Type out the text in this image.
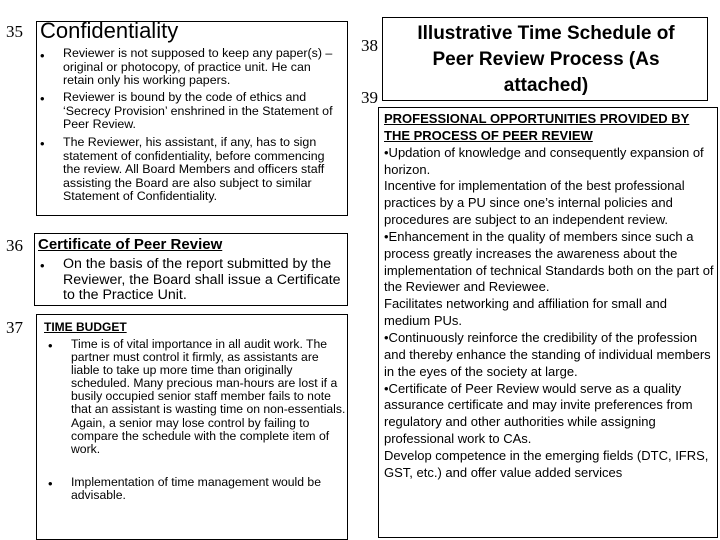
35 Confidentiality
• Reviewer is not supposed to keep any paper(s) – original or photocopy, of practice unit. He can retain only his working papers.
• Reviewer is bound by the code of ethics and ‘Secrecy Provision’ enshrined in the Statement of Peer Review.
• The Reviewer, his assistant, if any, has to sign statement of confidentiality, before commencing the review. All Board Members and officers staff assisting the Board are also subject to similar Statement of Confidentiality.
36 Certificate of Peer Review
• On the basis of the report submitted by the Reviewer, the Board shall issue a Certificate to the Practice Unit.
37 TIME BUDGET
• Time is of vital importance in all audit work. The partner must control it firmly, as assistants are liable to take up more time than originally scheduled. Many precious man-hours are lost if a busily occupied senior staff member fails to note that an assistant is wasting time on non-essentials. Again, a senior may lose control by failing to compare the schedule with the complete item of work.
• Implementation of time management would be advisable.
38
Illustrative Time Schedule of Peer Review Process (As attached)
39

PROFESSIONAL OPPORTUNITIES PROVIDED BY THE PROCESS OF PEER REVIEW

•Updation of knowledge and consequently expansion of horizon.

Incentive for implementation of the best professional practices by a PU since one’s internal policies and procedures are subject to an independent review.

•Enhancement in the quality of members since such a process greatly increases the awareness about the implementation of technical Standards both on the part of the Reviewer and Reviewee.

Facilitates networking and affiliation for small and medium PUs.

•Continuously reinforce the credibility of the profession and thereby enhance the standing of individual members in the eyes of the society at large.

•Certificate of Peer Review would serve as a quality assurance certificate and may invite preferences from regulatory and other authorities while assigning professional work to CAs.

Develop competence in the emerging fields (DTC, IFRS, GST, etc.) and offer value added services
